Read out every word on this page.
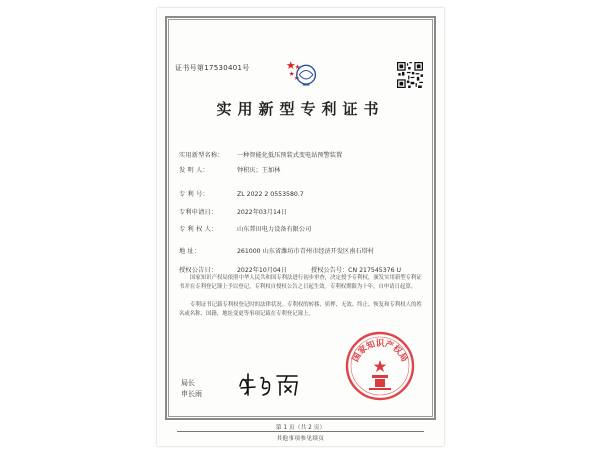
证书号第17530401号
实用新型专利证书
实用新型名称： 一种智能化低压预装式变电站预警装置
发 明 人：	钟积庆；王加林
专 利 号：	ZL 2022 2 0553580.7
专利申请日：	2022年03月14日
专 利 权 人：	山东普田电力设备有限公司
地 址：	261000 山东省潍坊市青州市经济开发区南石塔村
授权公告日：	2022年10月04日	授权公告号：CN 217545376 U
国家知识产权局依照中华人民共和国专利法进行初步审查，决定授予专利权，颁发实用新型专利证书并在专利登记簿上予以登记。专利权自授权公告之日起生效。专利权期限为十年，自申请日起算。
专利证书记载专利权登记时的法律状况。专利权的转移、质押、无效、终止、恢复和专利权人的姓名或名称、国籍、地址变更等事项记载在专利登记簿上。
局长
申长雨
国家知识产权局
第 1 页（共 2 页）
其他事项参见续页
